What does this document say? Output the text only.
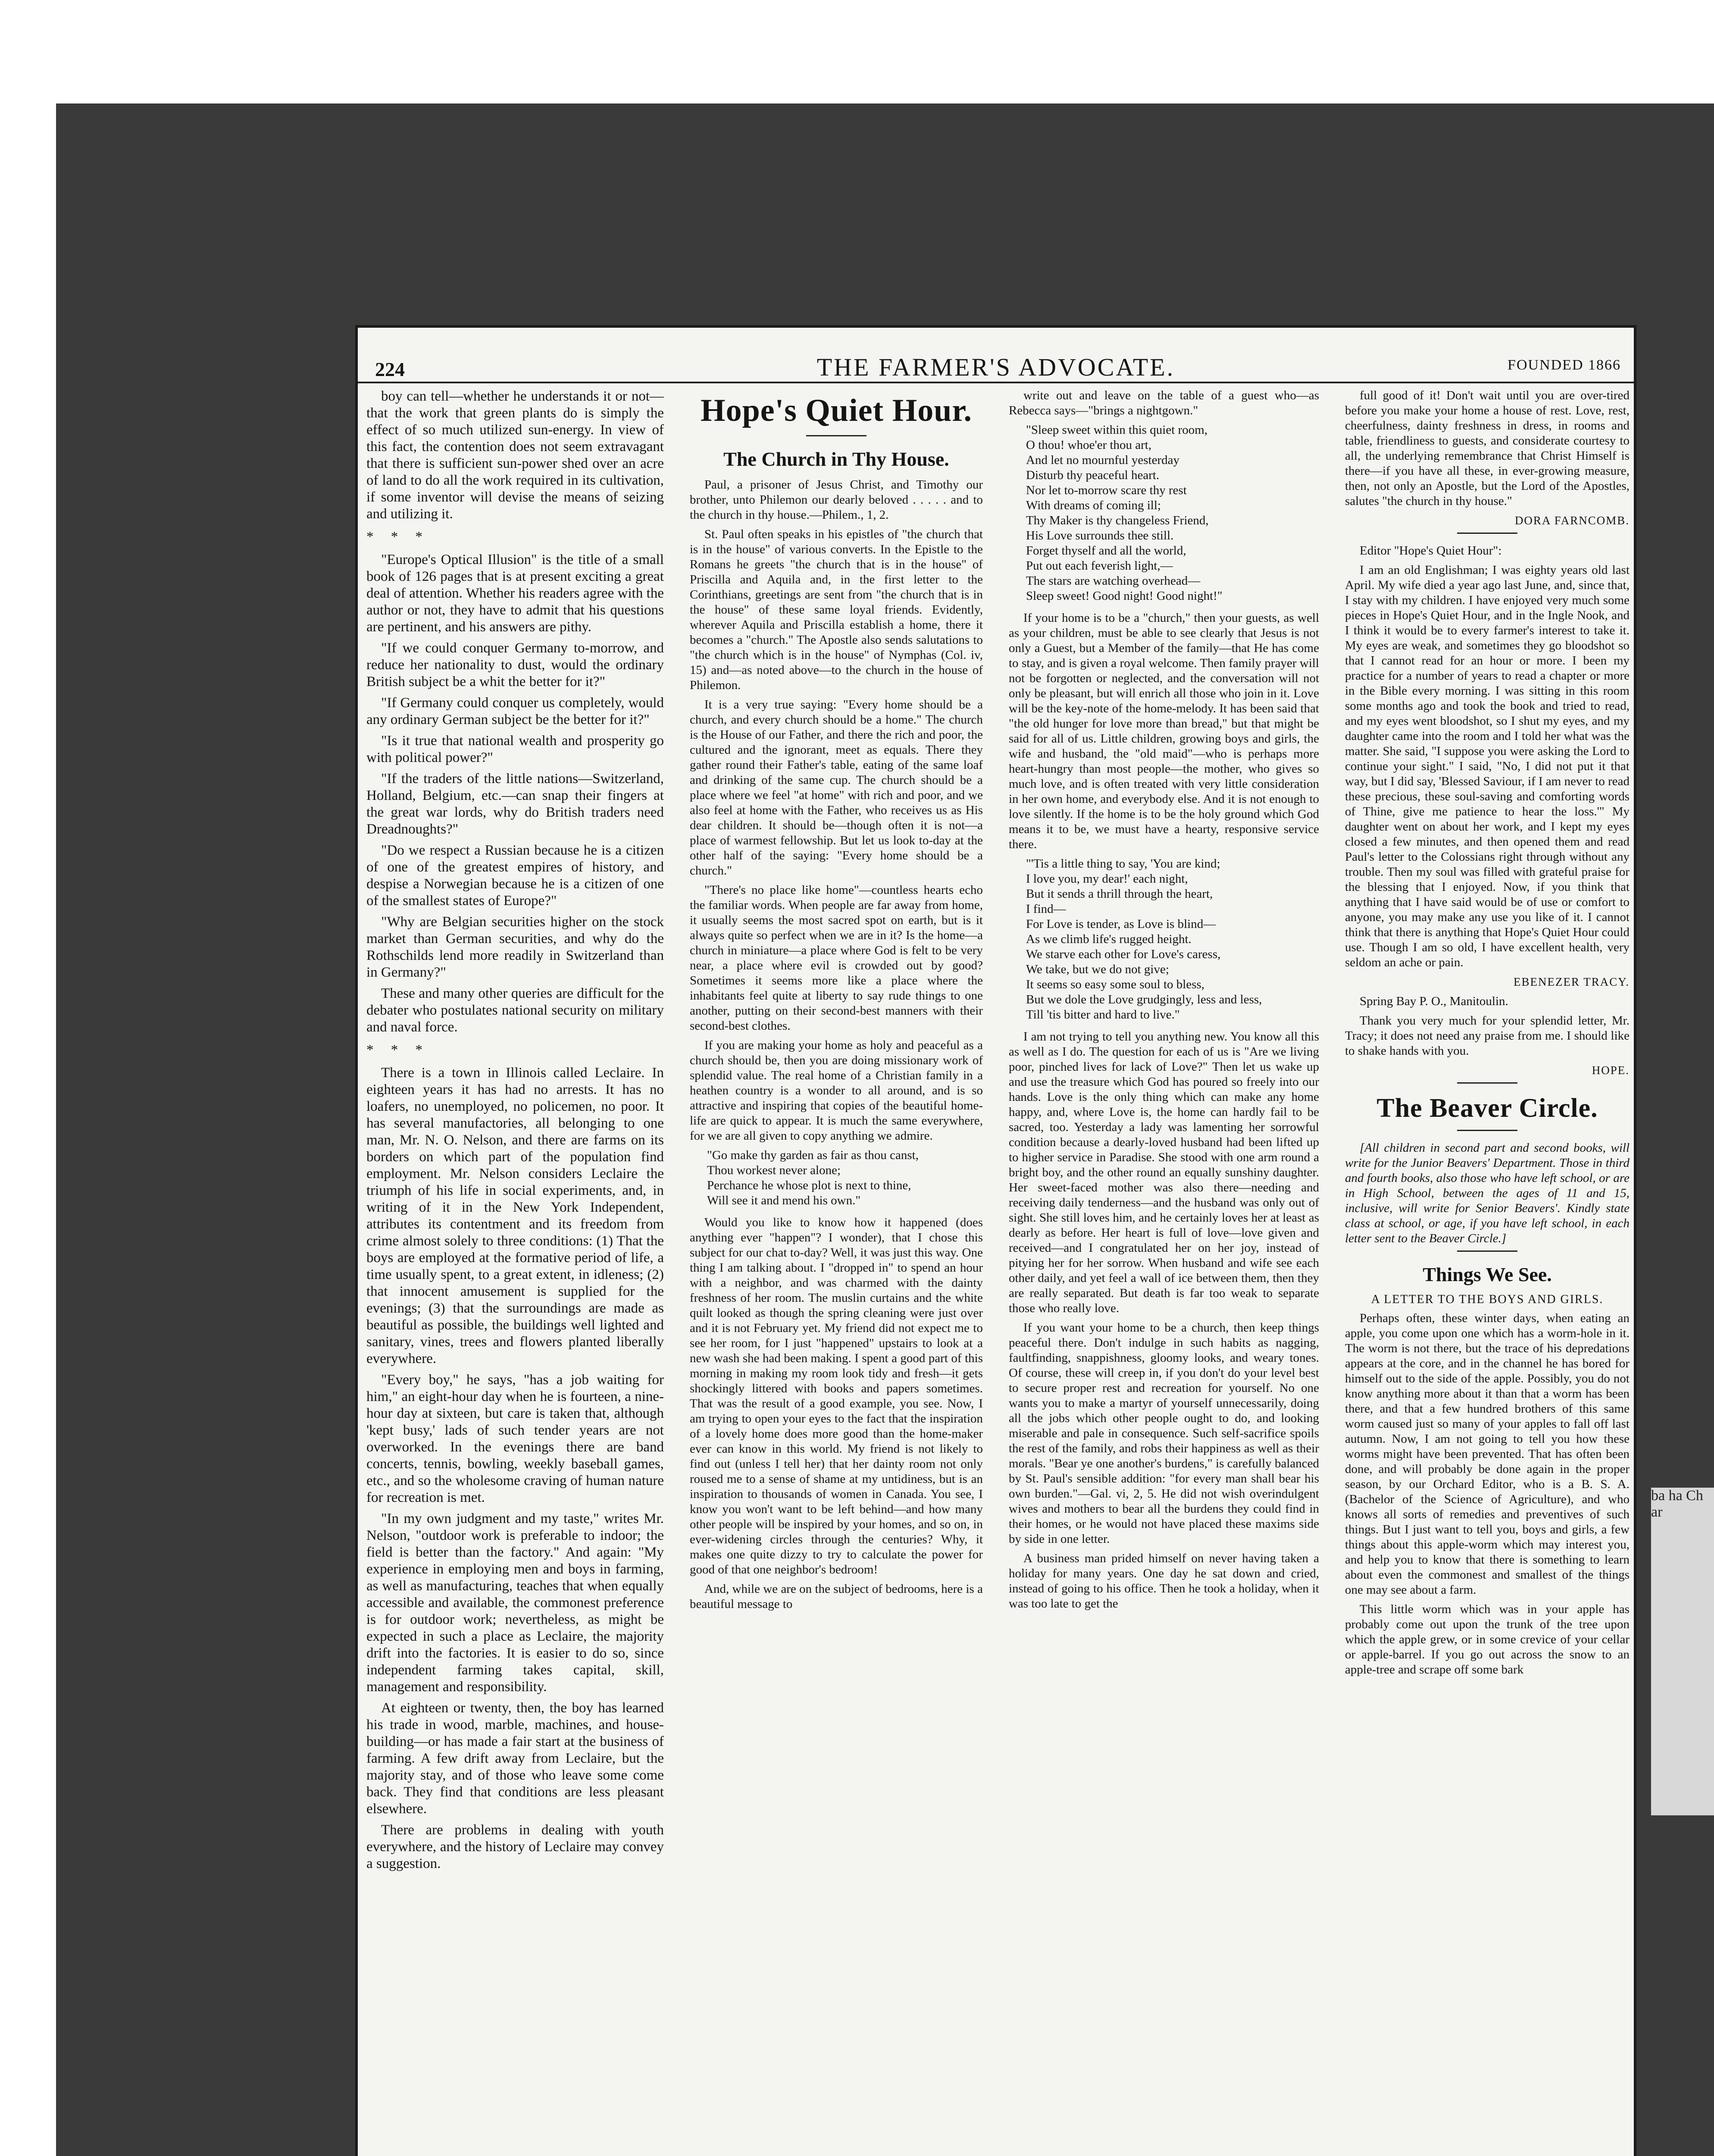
ba ha Ch ar
224	THE FARMER'S ADVOCATE.	FOUNDED 1866

boy can tell—whether he understands it or not—that the work that green plants do is simply the effect of so much utilized sun-energy. In view of this fact, the contention does not seem extravagant that there is sufficient sun-power shed over an acre of land to do all the work required in its cultivation, if some inventor will devise the means of seizing and utilizing it.

* * *

"Europe's Optical Illusion" is the title of a small book of 126 pages that is at present exciting a great deal of attention. Whether his readers agree with the author or not, they have to admit that his questions are pertinent, and his answers are pithy.

"If we could conquer Germany to-morrow, and reduce her nationality to dust, would the ordinary British subject be a whit the better for it?"

"If Germany could conquer us completely, would any ordinary German subject be the better for it?"

"Is it true that national wealth and prosperity go with political power?"

"If the traders of the little nations—Switzerland, Holland, Belgium, etc.—can snap their fingers at the great war lords, why do British traders need Dreadnoughts?"

"Do we respect a Russian because he is a citizen of one of the greatest empires of history, and despise a Norwegian because he is a citizen of one of the smallest states of Europe?"

"Why are Belgian securities higher on the stock market than German securities, and why do the Rothschilds lend more readily in Switzerland than in Germany?"

These and many other queries are difficult for the debater who postulates national security on military and naval force.

* * *

There is a town in Illinois called Leclaire. In eighteen years it has had no arrests. It has no loafers, no unemployed, no policemen, no poor. It has several manufactories, all belonging to one man, Mr. N. O. Nelson, and there are farms on its borders on which part of the population find employment. Mr. Nelson considers Leclaire the triumph of his life in social experiments, and, in writing of it in the New York Independent, attributes its contentment and its freedom from crime almost solely to three conditions: (1) That the boys are employed at the formative period of life, a time usually spent, to a great extent, in idleness; (2) that innocent amusement is supplied for the evenings; (3) that the surroundings are made as beautiful as possible, the buildings well lighted and sanitary, vines, trees and flowers planted liberally everywhere.

"Every boy," he says, "has a job waiting for him," an eight-hour day when he is fourteen, a nine-hour day at sixteen, but care is taken that, although 'kept busy,' lads of such tender years are not overworked. In the evenings there are band concerts, tennis, bowling, weekly baseball games, etc., and so the wholesome craving of human nature for recreation is met.

"In my own judgment and my taste," writes Mr. Nelson, "outdoor work is preferable to indoor; the field is better than the factory." And again: "My experience in employing men and boys in farming, as well as manufacturing, teaches that when equally accessible and available, the commonest preference is for outdoor work; nevertheless, as might be expected in such a place as Leclaire, the majority drift into the factories. It is easier to do so, since independent farming takes capital, skill, management and responsibility.

At eighteen or twenty, then, the boy has learned his trade in wood, marble, machines, and house-building—or has made a fair start at the business of farming. A few drift away from Leclaire, but the majority stay, and of those who leave some come back. They find that conditions are less pleasant elsewhere.

There are problems in dealing with youth everywhere, and the history of Leclaire may convey a suggestion.

Hope's Quiet Hour.
The Church in Thy House.

Paul, a prisoner of Jesus Christ, and Timothy our brother, unto Philemon our dearly beloved . . . . . and to the church in thy house.—Philem., 1, 2.

St. Paul often speaks in his epistles of "the church that is in the house" of various converts. In the Epistle to the Romans he greets "the church that is in the house" of Priscilla and Aquila and, in the first letter to the Corinthians, greetings are sent from "the church that is in the house" of these same loyal friends. Evidently, wherever Aquila and Priscilla establish a home, there it becomes a "church." The Apostle also sends salutations to "the church which is in the house" of Nymphas (Col. iv, 15) and—as noted above—to the church in the house of Philemon.

It is a very true saying: "Every home should be a church, and every church should be a home." The church is the House of our Father, and there the rich and poor, the cultured and the ignorant, meet as equals. There they gather round their Father's table, eating of the same loaf and drinking of the same cup. The church should be a place where we feel "at home" with rich and poor, and we also feel at home with the Father, who receives us as His dear children. It should be—though often it is not—a place of warmest fellowship. But let us look to-day at the other half of the saying: "Every home should be a church."

"There's no place like home"—countless hearts echo the familiar words. When people are far away from home, it usually seems the most sacred spot on earth, but is it always quite so perfect when we are in it? Is the home—a church in miniature—a place where God is felt to be very near, a place where evil is crowded out by good? Sometimes it seems more like a place where the inhabitants feel quite at liberty to say rude things to one another, putting on their second-best manners with their second-best clothes.

If you are making your home as holy and peaceful as a church should be, then you are doing missionary work of splendid value. The real home of a Christian family in a heathen country is a wonder to all around, and is so attractive and inspiring that copies of the beautiful home-life are quick to appear. It is much the same everywhere, for we are all given to copy anything we admire.

"Go make thy garden as fair as thou canst,

Thou workest never alone;

Perchance he whose plot is next to thine,

Will see it and mend his own."

Would you like to know how it happened (does anything ever "happen"? I wonder), that I chose this subject for our chat to-day? Well, it was just this way. One thing I am talking about. I "dropped in" to spend an hour with a neighbor, and was charmed with the dainty freshness of her room. The muslin curtains and the white quilt looked as though the spring cleaning were just over and it is not February yet. My friend did not expect me to see her room, for I just "happened" upstairs to look at a new wash she had been making. I spent a good part of this morning in making my room look tidy and fresh—it gets shockingly littered with books and papers sometimes. That was the result of a good example, you see. Now, I am trying to open your eyes to the fact that the inspiration of a lovely home does more good than the home-maker ever can know in this world. My friend is not likely to find out (unless I tell her) that her dainty room not only roused me to a sense of shame at my untidiness, but is an inspiration to thousands of women in Canada. You see, I know you won't want to be left behind—and how many other people will be inspired by your homes, and so on, in ever-widening circles through the centuries? Why, it makes one quite dizzy to try to calculate the power for good of that one neighbor's bedroom!

And, while we are on the subject of bedrooms, here is a beautiful message to

write out and leave on the table of a guest who—as Rebecca says—"brings a nightgown."

"Sleep sweet within this quiet room,

O thou! whoe'er thou art,

And let no mournful yesterday

Disturb thy peaceful heart.

Nor let to-morrow scare thy rest

With dreams of coming ill;

Thy Maker is thy changeless Friend,

His Love surrounds thee still.

Forget thyself and all the world,

Put out each feverish light,—

The stars are watching overhead—

Sleep sweet! Good night! Good night!"

If your home is to be a "church," then your guests, as well as your children, must be able to see clearly that Jesus is not only a Guest, but a Member of the family—that He has come to stay, and is given a royal welcome. Then family prayer will not be forgotten or neglected, and the conversation will not only be pleasant, but will enrich all those who join in it. Love will be the key-note of the home-melody. It has been said that "the old hunger for love more than bread," but that might be said for all of us. Little children, growing boys and girls, the wife and husband, the "old maid"—who is perhaps more heart-hungry than most people—the mother, who gives so much love, and is often treated with very little consideration in her own home, and everybody else. And it is not enough to love silently. If the home is to be the holy ground which God means it to be, we must have a hearty, responsive service there.

"'Tis a little thing to say, 'You are kind;

I love you, my dear!' each night,

But it sends a thrill through the heart,

I find—

For Love is tender, as Love is blind—

As we climb life's rugged height.

We starve each other for Love's caress,

We take, but we do not give;

It seems so easy some soul to bless,

But we dole the Love grudgingly, less and less,

Till 'tis bitter and hard to live."

I am not trying to tell you anything new. You know all this as well as I do. The question for each of us is "Are we living poor, pinched lives for lack of Love?" Then let us wake up and use the treasure which God has poured so freely into our hands. Love is the only thing which can make any home happy, and, where Love is, the home can hardly fail to be sacred, too. Yesterday a lady was lamenting her sorrowful condition because a dearly-loved husband had been lifted up to higher service in Paradise. She stood with one arm round a bright boy, and the other round an equally sunshiny daughter. Her sweet-faced mother was also there—needing and receiving daily tenderness—and the husband was only out of sight. She still loves him, and he certainly loves her at least as dearly as before. Her heart is full of love—love given and received—and I congratulated her on her joy, instead of pitying her for her sorrow. When husband and wife see each other daily, and yet feel a wall of ice between them, then they are really separated. But death is far too weak to separate those who really love.

If you want your home to be a church, then keep things peaceful there. Don't indulge in such habits as nagging, faultfinding, snappishness, gloomy looks, and weary tones. Of course, these will creep in, if you don't do your level best to secure proper rest and recreation for yourself. No one wants you to make a martyr of yourself unnecessarily, doing all the jobs which other people ought to do, and looking miserable and pale in consequence. Such self-sacrifice spoils the rest of the family, and robs their happiness as well as their morals. "Bear ye one another's burdens," is carefully balanced by St. Paul's sensible addition: "for every man shall bear his own burden."—Gal. vi, 2, 5. He did not wish overindulgent wives and mothers to bear all the burdens they could find in their homes, or he would not have placed these maxims side by side in one letter.

A business man prided himself on never having taken a holiday for many years. One day he sat down and cried, instead of going to his office. Then he took a holiday, when it was too late to get the

full good of it! Don't wait until you are over-tired before you make your home a house of rest. Love, rest, cheerfulness, dainty freshness in dress, in rooms and table, friendliness to guests, and considerate courtesy to all, the underlying remembrance that Christ Himself is there—if you have all these, in ever-growing measure, then, not only an Apostle, but the Lord of the Apostles, salutes "the church in thy house."

DORA FARNCOMB.

Editor "Hope's Quiet Hour":

I am an old Englishman; I was eighty years old last April. My wife died a year ago last June, and, since that, I stay with my children. I have enjoyed very much some pieces in Hope's Quiet Hour, and in the Ingle Nook, and I think it would be to every farmer's interest to take it. My eyes are weak, and sometimes they go bloodshot so that I cannot read for an hour or more. I been my practice for a number of years to read a chapter or more in the Bible every morning. I was sitting in this room some months ago and took the book and tried to read, and my eyes went bloodshot, so I shut my eyes, and my daughter came into the room and I told her what was the matter. She said, "I suppose you were asking the Lord to continue your sight." I said, "No, I did not put it that way, but I did say, 'Blessed Saviour, if I am never to read these precious, these soul-saving and comforting words of Thine, give me patience to hear the loss.'" My daughter went on about her work, and I kept my eyes closed a few minutes, and then opened them and read Paul's letter to the Colossians right through without any trouble. Then my soul was filled with grateful praise for the blessing that I enjoyed. Now, if you think that anything that I have said would be of use or comfort to anyone, you may make any use you like of it. I cannot think that there is anything that Hope's Quiet Hour could use. Though I am so old, I have excellent health, very seldom an ache or pain.

EBENEZER TRACY.

Spring Bay P. O., Manitoulin.

Thank you very much for your splendid letter, Mr. Tracy; it does not need any praise from me. I should like to shake hands with you.

HOPE.

The Beaver Circle.

[All children in second part and second books, will write for the Junior Beavers' Department. Those in third and fourth books, also those who have left school, or are in High School, between the ages of 11 and 15, inclusive, will write for Senior Beavers'. Kindly state class at school, or age, if you have left school, in each letter sent to the Beaver Circle.]

Things We See.
A LETTER TO THE BOYS AND GIRLS.

Perhaps often, these winter days, when eating an apple, you come upon one which has a worm-hole in it. The worm is not there, but the trace of his depredations appears at the core, and in the channel he has bored for himself out to the side of the apple. Possibly, you do not know anything more about it than that a worm has been there, and that a few hundred brothers of this same worm caused just so many of your apples to fall off last autumn. Now, I am not going to tell you how these worms might have been prevented. That has often been done, and will probably be done again in the proper season, by our Orchard Editor, who is a B. S. A. (Bachelor of the Science of Agriculture), and who knows all sorts of remedies and preventives of such things. But I just want to tell you, boys and girls, a few things about this apple-worm which may interest you, and help you to know that there is something to learn about even the commonest and smallest of the things one may see about a farm.

This little worm which was in your apple has probably come out upon the trunk of the tree upon which the apple grew, or in some crevice of your cellar or apple-barrel. If you go out across the snow to an apple-tree and scrape off some bark
